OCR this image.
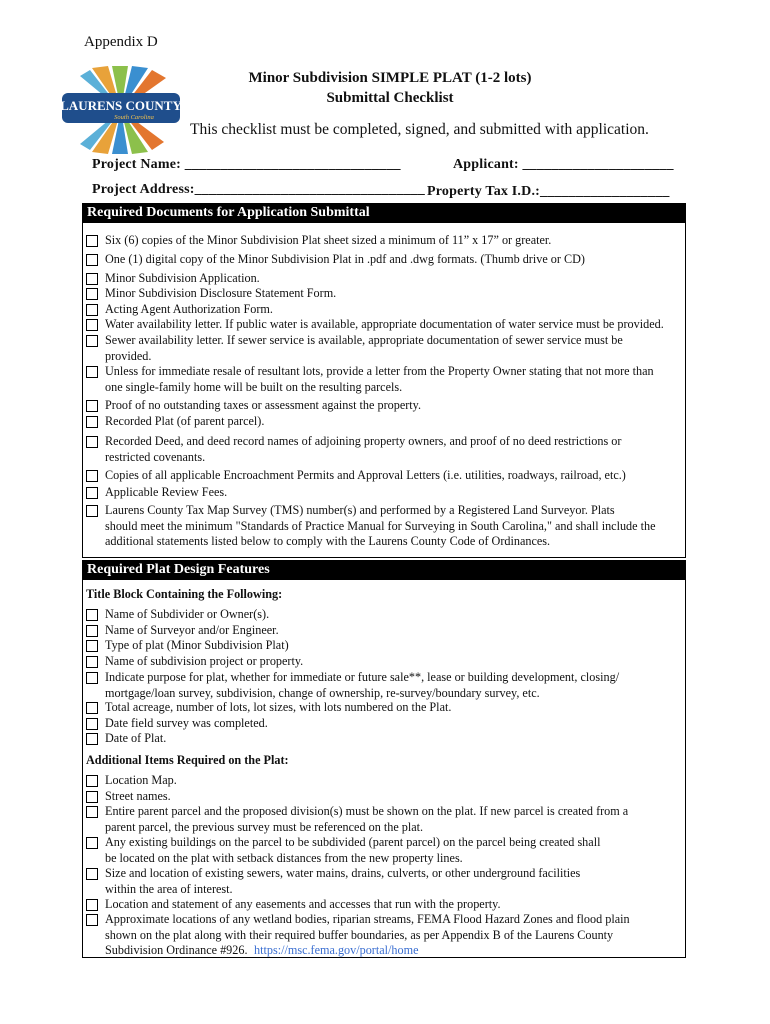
Appendix D
LAURENS COUNTY
South Carolina
Minor Subdivision SIMPLE PLAT (1-2 lots)
Submittal Checklist
This checklist must be completed, signed, and submitted with application.
Project Name: ______________________________	Applicant: _____________________
Project Address:________________________________ Property Tax I.D.:__________________
Required Documents for Application Submittal
Required Plat Design Features
Title Block Containing the Following:
Additional Items Required on the Plat:
Six (6) copies of the Minor Subdivision Plat sheet sized a minimum of 11” x 17” or greater.
One (1) digital copy of the Minor Subdivision Plat in .pdf and .dwg formats. (Thumb drive or CD)
Minor Subdivision Application.
Minor Subdivision Disclosure Statement Form.
Acting Agent Authorization Form.
Water availability letter. If public water is available, appropriate documentation of water service must be provided.
Sewer availability letter. If sewer service is available, appropriate documentation of sewer service must be
provided.
Unless for immediate resale of resultant lots, provide a letter from the Property Owner stating that not more than
one single-family home will be built on the resulting parcels.
Proof of no outstanding taxes or assessment against the property.
Recorded Plat (of parent parcel).
Recorded Deed, and deed record names of adjoining property owners, and proof of no deed restrictions or
restricted covenants.
Copies of all applicable Encroachment Permits and Approval Letters (i.e. utilities, roadways, railroad, etc.)
Applicable Review Fees.
Laurens County Tax Map Survey (TMS) number(s) and performed by a Registered Land Surveyor. Plats
should meet the minimum "Standards of Practice Manual for Surveying in South Carolina," and shall include the
additional statements listed below to comply with the Laurens County Code of Ordinances.
Name of Subdivider or Owner(s).
Name of Surveyor and/or Engineer.
Type of plat (Minor Subdivision Plat)
Name of subdivision project or property.
Indicate purpose for plat, whether for immediate or future sale**, lease or building development, closing/
mortgage/loan survey, subdivision, change of ownership, re-survey/boundary survey, etc.
Total acreage, number of lots, lot sizes, with lots numbered on the Plat.
Date field survey was completed.
Date of Plat.
Location Map.
Street names.
Entire parent parcel and the proposed division(s) must be shown on the plat. If new parcel is created from a
parent parcel, the previous survey must be referenced on the plat.
Any existing buildings on the parcel to be subdivided (parent parcel) on the parcel being created shall
be located on the plat with setback distances from the new property lines.
Size and location of existing sewers, water mains, drains, culverts, or other underground facilities
within the area of interest.
Location and statement of any easements and accesses that run with the property.
Approximate locations of any wetland bodies, riparian streams, FEMA Flood Hazard Zones and flood plain
shown on the plat along with their required buffer boundaries, as per Appendix B of the Laurens County
Subdivision Ordinance #926. https://msc.fema.gov/portal/home
